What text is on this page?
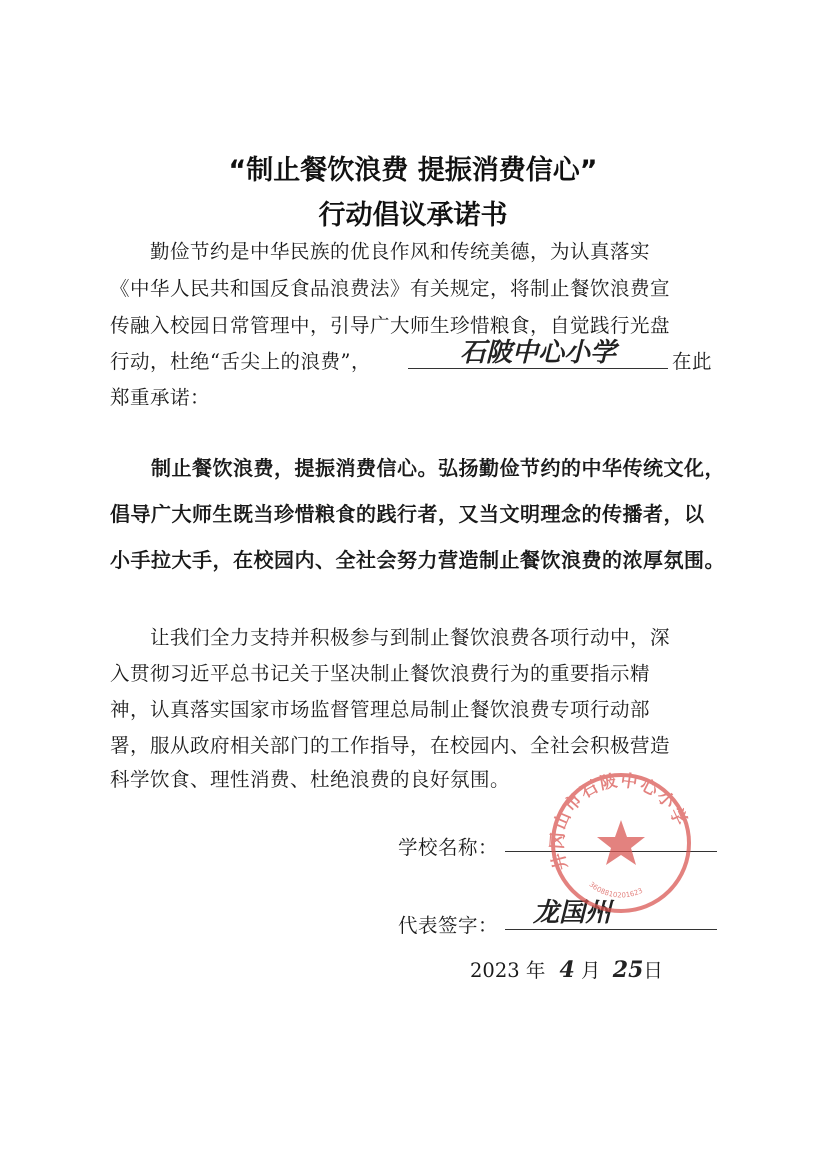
“制止餐饮浪费 提振消费信心”
行动倡议承诺书
　　勤俭节约是中华民族的优良作风和传统美德，为认真落实
《中华人民共和国反食品浪费法》有关规定，将制止餐饮浪费宣
传融入校园日常管理中，引导广大师生珍惜粮食，自觉践行光盘
行动，杜绝“舌尖上的浪费”，	石陂中心小学	在此
郑重承诺：
　　制止餐饮浪费，提振消费信心。弘扬勤俭节约的中华传统文化，
倡导广大师生既当珍惜粮食的践行者，又当文明理念的传播者，以
小手拉大手，在校园内、全社会努力营造制止餐饮浪费的浓厚氛围。
　　让我们全力支持并积极参与到制止餐饮浪费各项行动中，深
入贯彻习近平总书记关于坚决制止餐饮浪费行为的重要指示精
神，认真落实国家市场监督管理总局制止餐饮浪费专项行动部
署，服从政府相关部门的工作指导，在校园内、全社会积极营造
科学饮食、理性消费、杜绝浪费的良好氛围。
学校名称：
代表签字：	龙国州
2023 年 4 月 25日
井冈山市石陂中心小学
3608810201623
